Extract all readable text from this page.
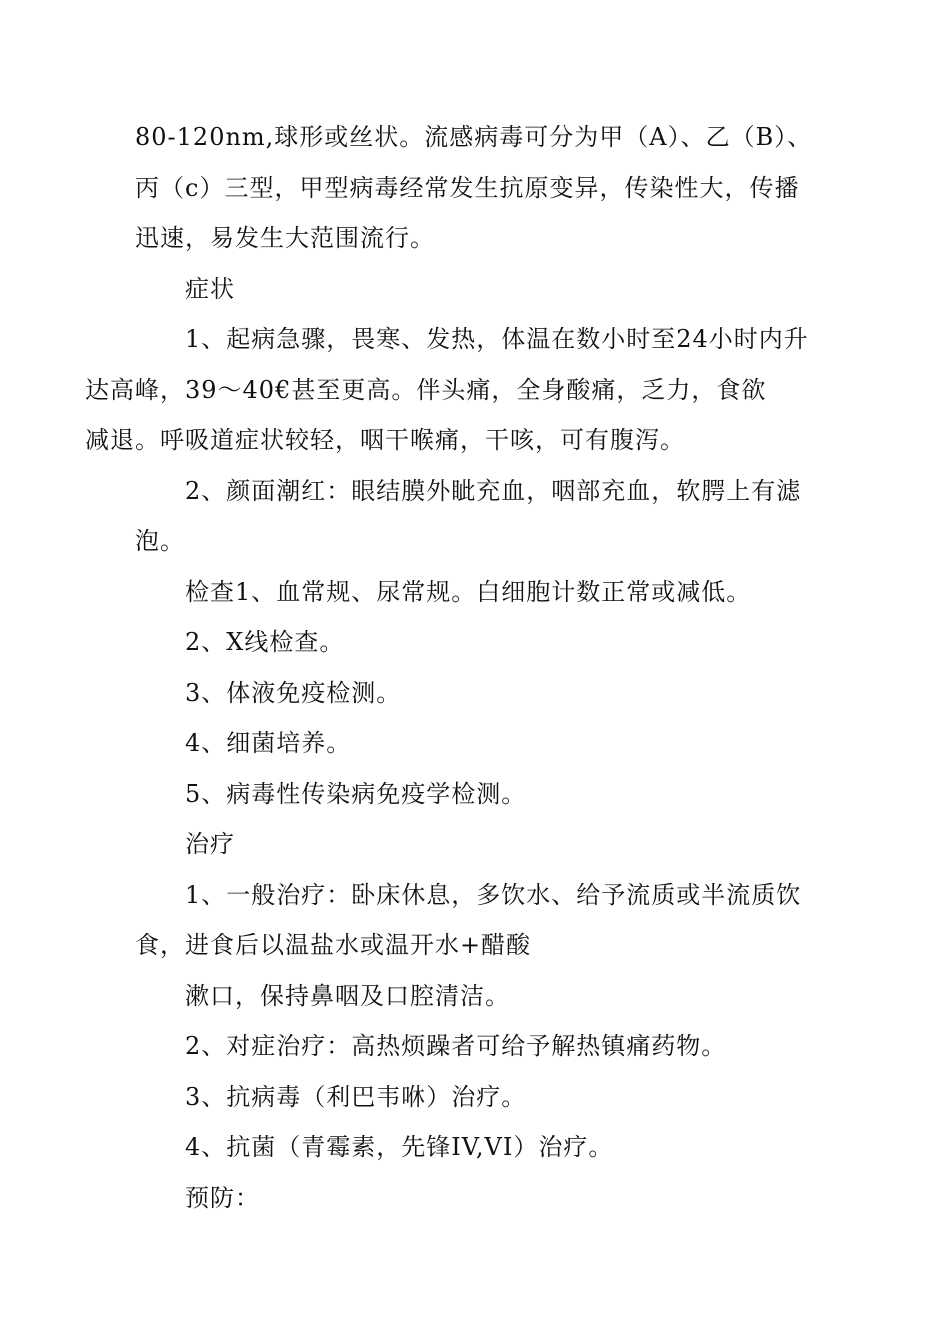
80-120nm,球形或丝状。流感病毒可分为甲（A）、乙（B）、
丙（c）三型，甲型病毒经常发生抗原变异，传染性大，传播
迅速，易发生大范围流行。

症状

1、起病急骤，畏寒、发热，体温在数小时至24小时内升
达高峰，39〜40€甚至更高。伴头痛，全身酸痛，乏力，食欲
减退。呼吸道症状较轻，咽干喉痛，干咳，可有腹泻。

2、颜面潮红：眼结膜外眦充血，咽部充血，软腭上有滤
泡。

检查1、血常规、尿常规。白细胞计数正常或减低。

2、X线检查。

3、体液免疫检测。

4、细菌培养。

5、病毒性传染病免疫学检测。

治疗

1、一般治疗：卧床休息，多饮水、给予流质或半流质饮
食，进食后以温盐水或温开水+醋酸

漱口，保持鼻咽及口腔清洁。

2、对症治疗：高热烦躁者可给予解热镇痛药物。

3、抗病毒（利巴韦咻）治疗。

4、抗菌（青霉素，先锋IV,VI）治疗。

预防：
